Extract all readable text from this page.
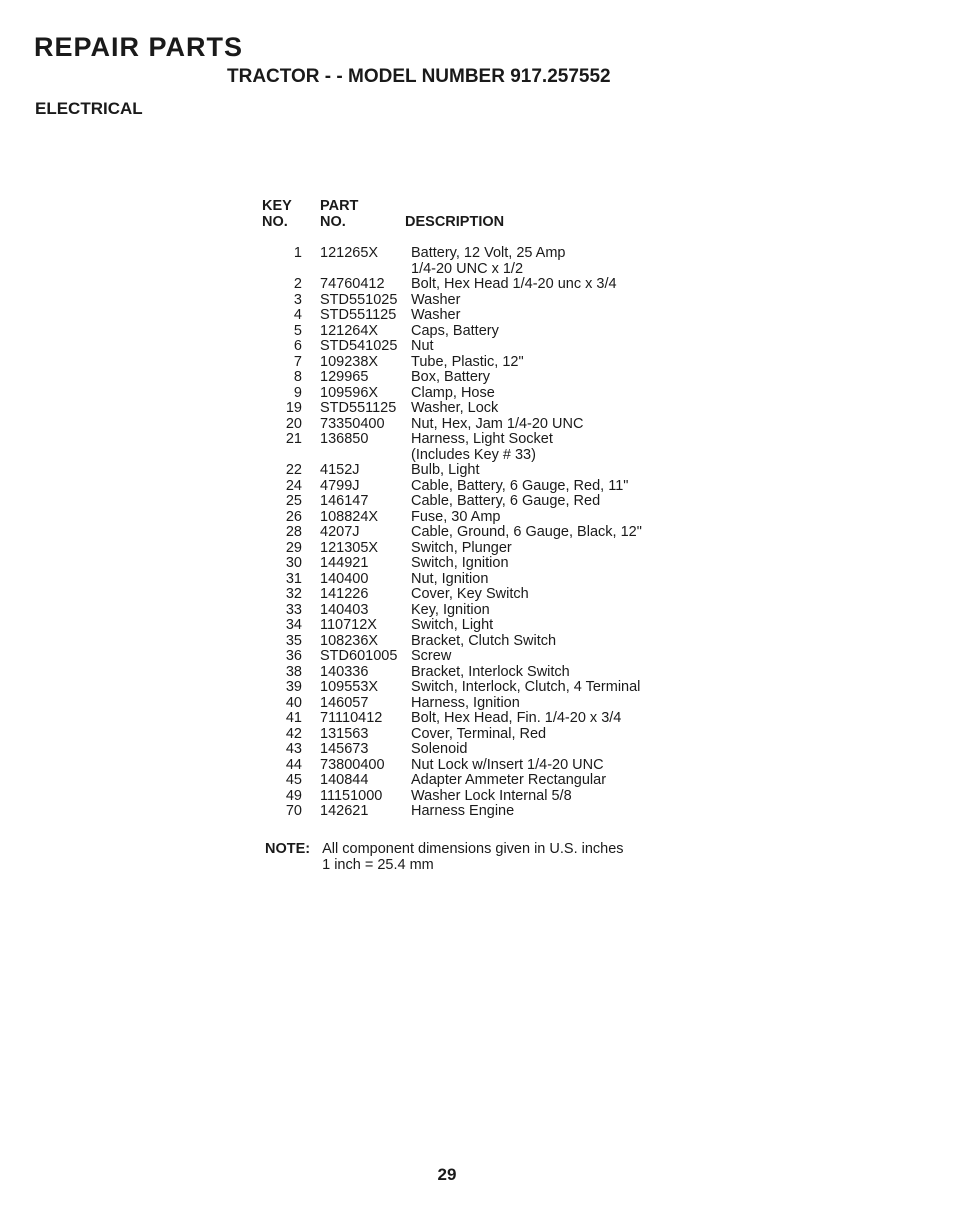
REPAIR PARTS
TRACTOR - - MODEL NUMBER 917.257552
ELECTRICAL
KEY
NO.
PART
NO.	DESCRIPTION
1	121265X	Battery, 12 Volt, 25 Amp
1/4-20 UNC x 1/2
2	74760412	Bolt, Hex Head 1/4-20 unc x 3/4
3	STD551025 Washer
4	STD551125	Washer
5	121264X	Caps, Battery
6	STD541025 Nut
7	109238X	Tube, Plastic, 12"
8	129965	Box, Battery
9	109596X	Clamp, Hose
19	STD551125	Washer, Lock
20	73350400	Nut, Hex, Jam 1/4-20 UNC
21	136850	Harness, Light Socket
(Includes Key # 33)
22	4152J	Bulb, Light
24	4799J	Cable, Battery, 6 Gauge, Red, 11"
25	146147	Cable, Battery, 6 Gauge, Red
26	108824X	Fuse, 30 Amp
28	4207J	Cable, Ground, 6 Gauge, Black, 12"
29	121305X	Switch, Plunger
30	144921	Switch, Ignition
31	140400	Nut, Ignition
32	141226	Cover, Key Switch
33	140403	Key, Ignition
34	110712X	Switch, Light
35	108236X	Bracket, Clutch Switch
36	STD601005 Screw
38	140336	Bracket, Interlock Switch
39	109553X	Switch, Interlock, Clutch, 4 Terminal
40	146057	Harness, Ignition
41	71110412	Bolt, Hex Head, Fin. 1/4-20 x 3/4
42	131563	Cover, Terminal, Red
43	145673	Solenoid
44	73800400	Nut Lock w/Insert 1/4-20 UNC
45	140844	Adapter Ammeter Rectangular
49	11151000	Washer Lock Internal 5/8
70	142621	Harness Engine
NOTE: All component dimensions given in U.S. inches
1 inch = 25.4 mm
29
